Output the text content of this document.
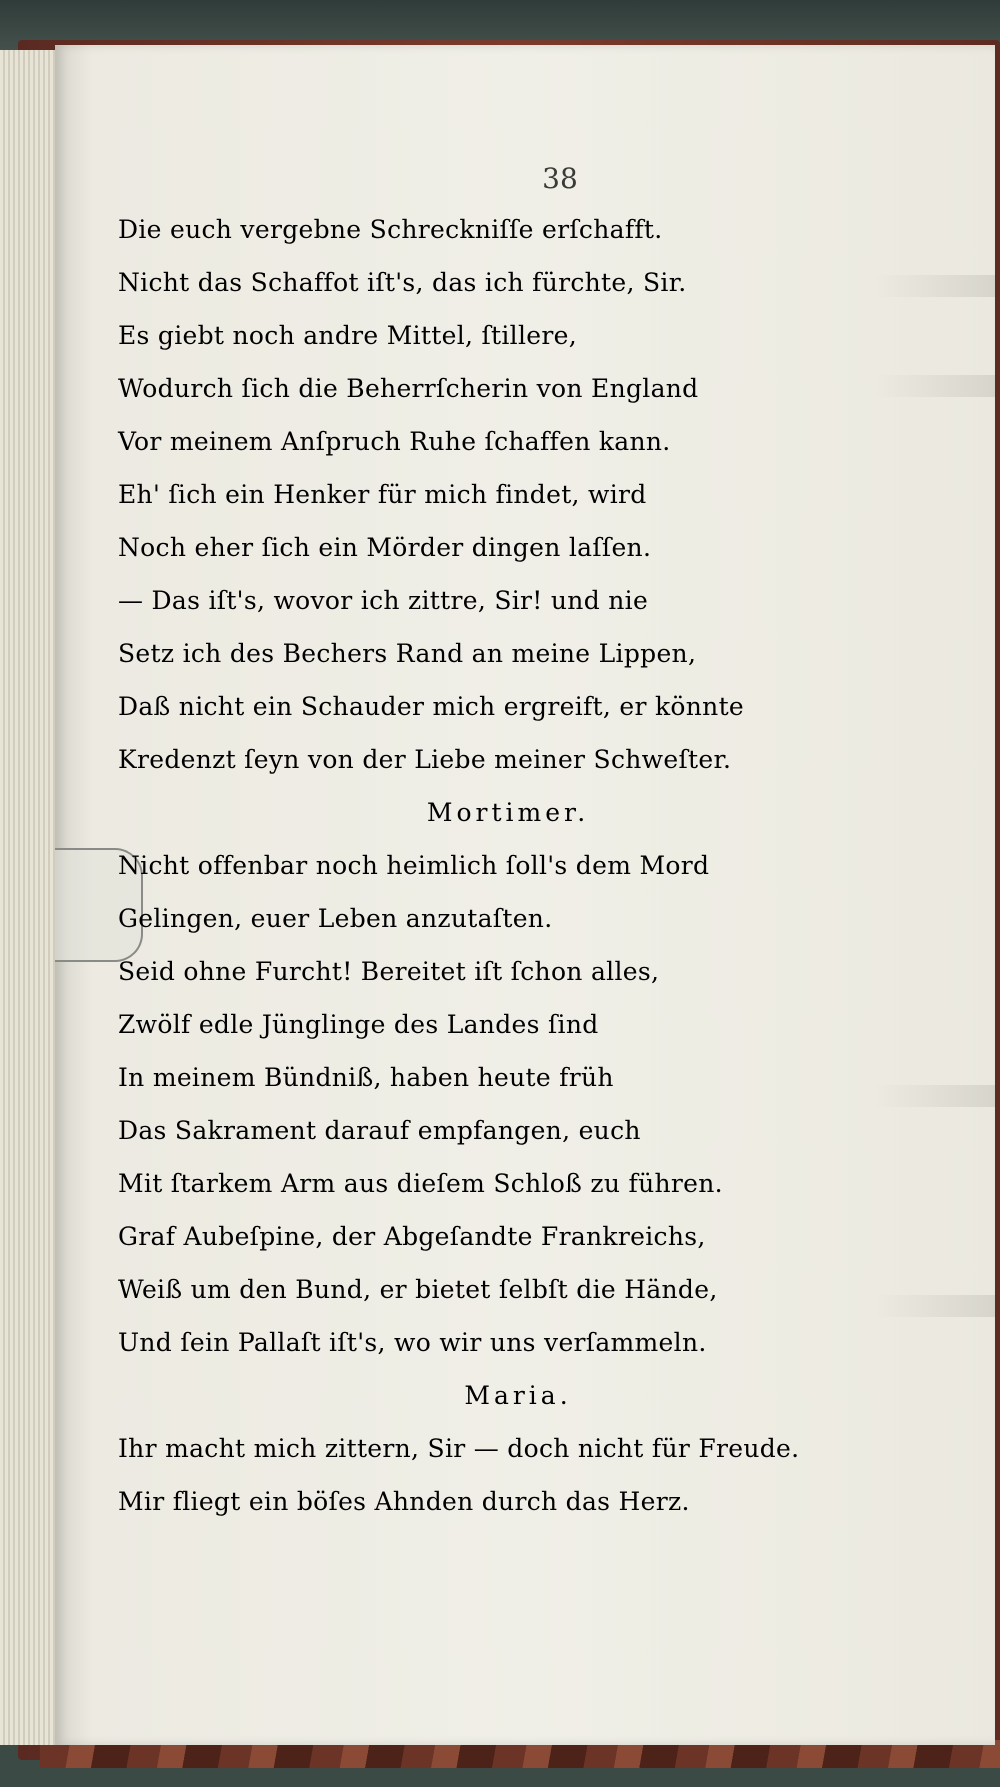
38
Die euch vergebne Schreckniſſe erſchafft.
Nicht das Schaffot iſt's, das ich fürchte, Sir.
Es giebt noch andre Mittel, ſtillere,
Wodurch ſich die Beherrſcherin von England
Vor meinem Anſpruch Ruhe ſchaffen kann.
Eh' ſich ein Henker für mich findet, wird
Noch eher ſich ein Mörder dingen laſſen.
— Das iſt's, wovor ich zittre, Sir! und nie
Setz ich des Bechers Rand an meine Lippen,
Daß nicht ein Schauder mich ergreift, er könnte
Kredenzt ſeyn von der Liebe meiner Schweſter.
Mortimer.
Nicht offenbar noch heimlich ſoll's dem Mord
Gelingen, euer Leben anzutaſten.
Seid ohne Furcht! Bereitet iſt ſchon alles,
Zwölf edle Jünglinge des Landes ſind
In meinem Bündniß, haben heute früh
Das Sakrament darauf empfangen, euch
Mit ſtarkem Arm aus dieſem Schloß zu führen.
Graf Aubeſpine, der Abgeſandte Frankreichs,
Weiß um den Bund, er bietet ſelbſt die Hände,
Und ſein Pallaſt iſt's, wo wir uns verſammeln.
Maria.
Ihr macht mich zittern, Sir — doch nicht für Freude.
Mir fliegt ein böſes Ahnden durch das Herz.
